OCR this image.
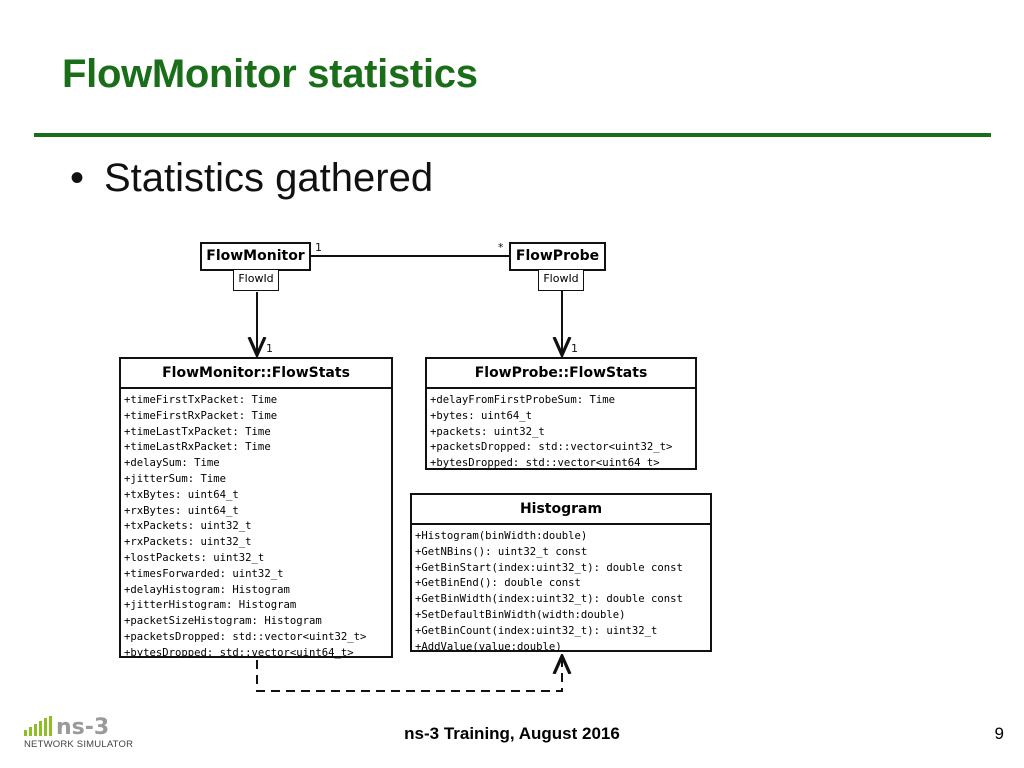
FlowMonitor statistics
• Statistics gathered
FlowMonitor
FlowId
1
FlowProbe
FlowId
*
1	1
FlowMonitor::FlowStats
+timeFirstTxPacket: Time
+timeFirstRxPacket: Time
+timeLastTxPacket: Time
+timeLastRxPacket: Time
+delaySum: Time
+jitterSum: Time
+txBytes: uint64_t
+rxBytes: uint64_t
+txPackets: uint32_t
+rxPackets: uint32_t
+lostPackets: uint32_t
+timesForwarded: uint32_t
+delayHistogram: Histogram
+jitterHistogram: Histogram
+packetSizeHistogram: Histogram
+packetsDropped: std::vector<uint32_t>
+bytesDropped: std::vector<uint64_t>
FlowProbe::FlowStats
+delayFromFirstProbeSum: Time
+bytes: uint64_t
+packets: uint32_t
+packetsDropped: std::vector<uint32_t>
+bytesDropped: std::vector<uint64_t>
Histogram
+Histogram(binWidth:double)
+GetNBins(): uint32_t const
+GetBinStart(index:uint32_t): double const
+GetBinEnd(): double const
+GetBinWidth(index:uint32_t): double const
+SetDefaultBinWidth(width:double)
+GetBinCount(index:uint32_t): uint32_t
+AddValue(value:double)
ns-3
NETWORK SIMULATOR
ns-3 Training, August 2016	9
